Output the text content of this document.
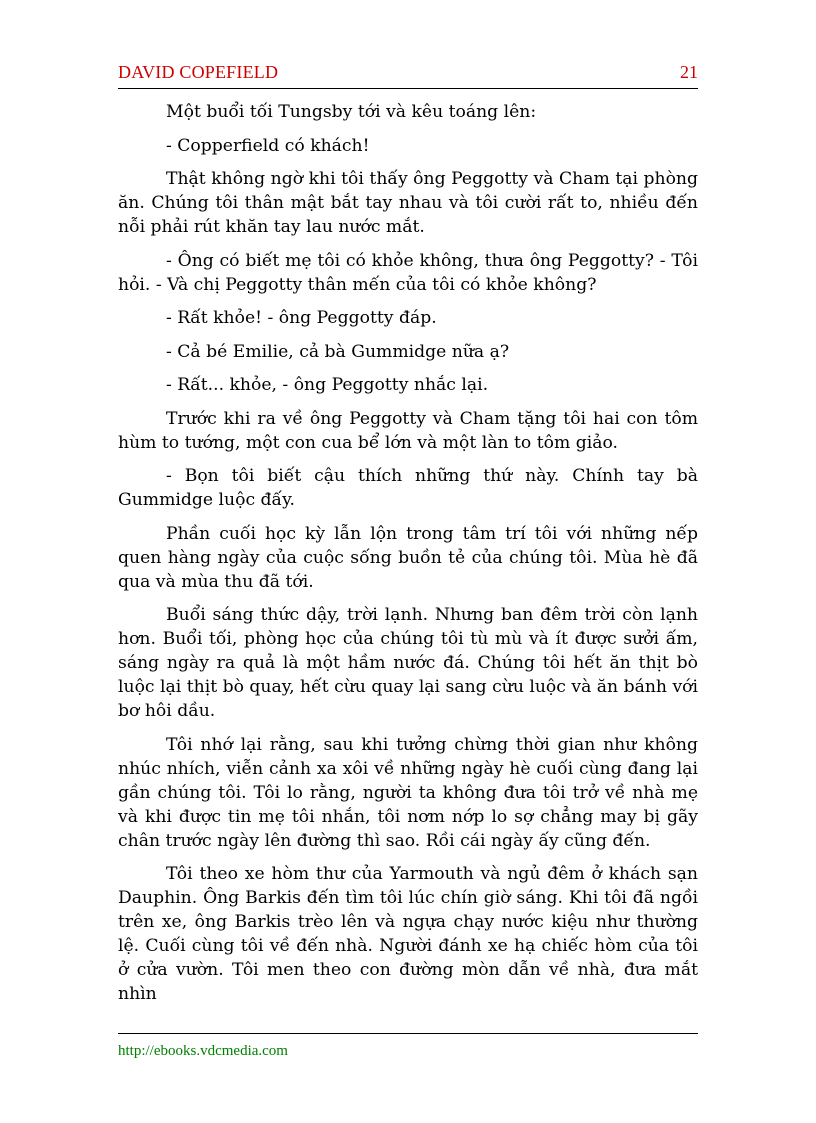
DAVID COPEFIELD	21

Một buổi tối Tungsby tới và kêu toáng lên:

- Copperfield có khách!

Thật không ngờ khi tôi thấy ông Peggotty và Cham tại phòng ăn. Chúng tôi thân mật bắt tay nhau và tôi cười rất to, nhiều đến nỗi phải rút khăn tay lau nước mắt.

- Ông có biết mẹ tôi có khỏe không, thưa ông Peggotty? - Tôi hỏi. - Và chị Peggotty thân mến của tôi có khỏe không?

- Rất khỏe! - ông Peggotty đáp.

- Cả bé Emilie, cả bà Gummidge nữa ạ?

- Rất... khỏe, - ông Peggotty nhắc lại.

Trước khi ra về ông Peggotty và Cham tặng tôi hai con tôm hùm to tướng, một con cua bể lớn và một làn to tôm giảo.

- Bọn tôi biết cậu thích những thứ này. Chính tay bà Gummidge luộc đấy.

Phần cuối học kỳ lẫn lộn trong tâm trí tôi với những nếp quen hàng ngày của cuộc sống buồn tẻ của chúng tôi. Mùa hè đã qua và mùa thu đã tới.

Buổi sáng thức dậy, trời lạnh. Nhưng ban đêm trời còn lạnh hơn. Buổi tối, phòng học của chúng tôi tù mù và ít được sưởi ấm, sáng ngày ra quả là một hầm nước đá. Chúng tôi hết ăn thịt bò luộc lại thịt bò quay, hết cừu quay lại sang cừu luộc và ăn bánh với bơ hôi dầu.

Tôi nhớ lại rằng, sau khi tưởng chừng thời gian như không nhúc nhích, viễn cảnh xa xôi về những ngày hè cuối cùng đang lại gần chúng tôi. Tôi lo rằng, người ta không đưa tôi trở về nhà mẹ và khi được tin mẹ tôi nhắn, tôi nơm nớp lo sợ chẳng may bị gãy chân trước ngày lên đường thì sao. Rồi cái ngày ấy cũng đến.

Tôi theo xe hòm thư của Yarmouth và ngủ đêm ở khách sạn Dauphin. Ông Barkis đến tìm tôi lúc chín giờ sáng. Khi tôi đã ngồi trên xe, ông Barkis trèo lên và ngựa chạy nước kiệu như thường lệ. Cuối cùng tôi về đến nhà. Người đánh xe hạ chiếc hòm của tôi ở cửa vườn. Tôi men theo con đường mòn dẫn về nhà, đưa mắt nhìn

http://ebooks.vdcmedia.com
